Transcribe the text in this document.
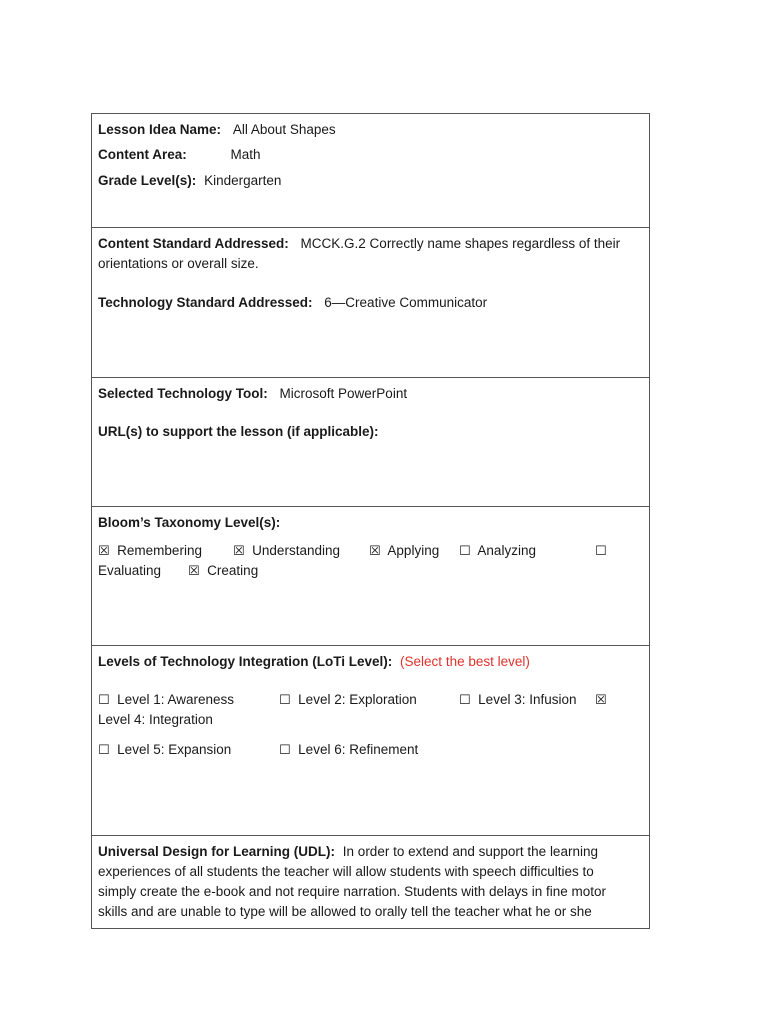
Lesson Idea Name: All About Shapes
Content Area:	Math
Grade Level(s): Kindergarten
Content Standard Addressed: MCCK.G.2 Correctly name shapes regardless of their
orientations or overall size.
Technology Standard Addressed: 6—Creative Communicator
Selected Technology Tool: Microsoft PowerPoint
URL(s) to support the lesson (if applicable):
Bloom’s Taxonomy Level(s):
☒ Remembering ☒ Understanding ☒ Applying ☐ Analyzing	☐
Evaluating ☒ Creating
Levels of Technology Integration (LoTi Level): (Select the best level)
☐ Level 1: Awareness	☐ Level 2: Exploration	☐ Level 3: Infusion ☒
Level 4: Integration
☐ Level 5: Expansion	☐ Level 6: Refinement
Universal Design for Learning (UDL): In order to extend and support the learning
experiences of all students the teacher will allow students with speech difficulties to
simply create the e-book and not require narration. Students with delays in fine motor
skills and are unable to type will be allowed to orally tell the teacher what he or she
